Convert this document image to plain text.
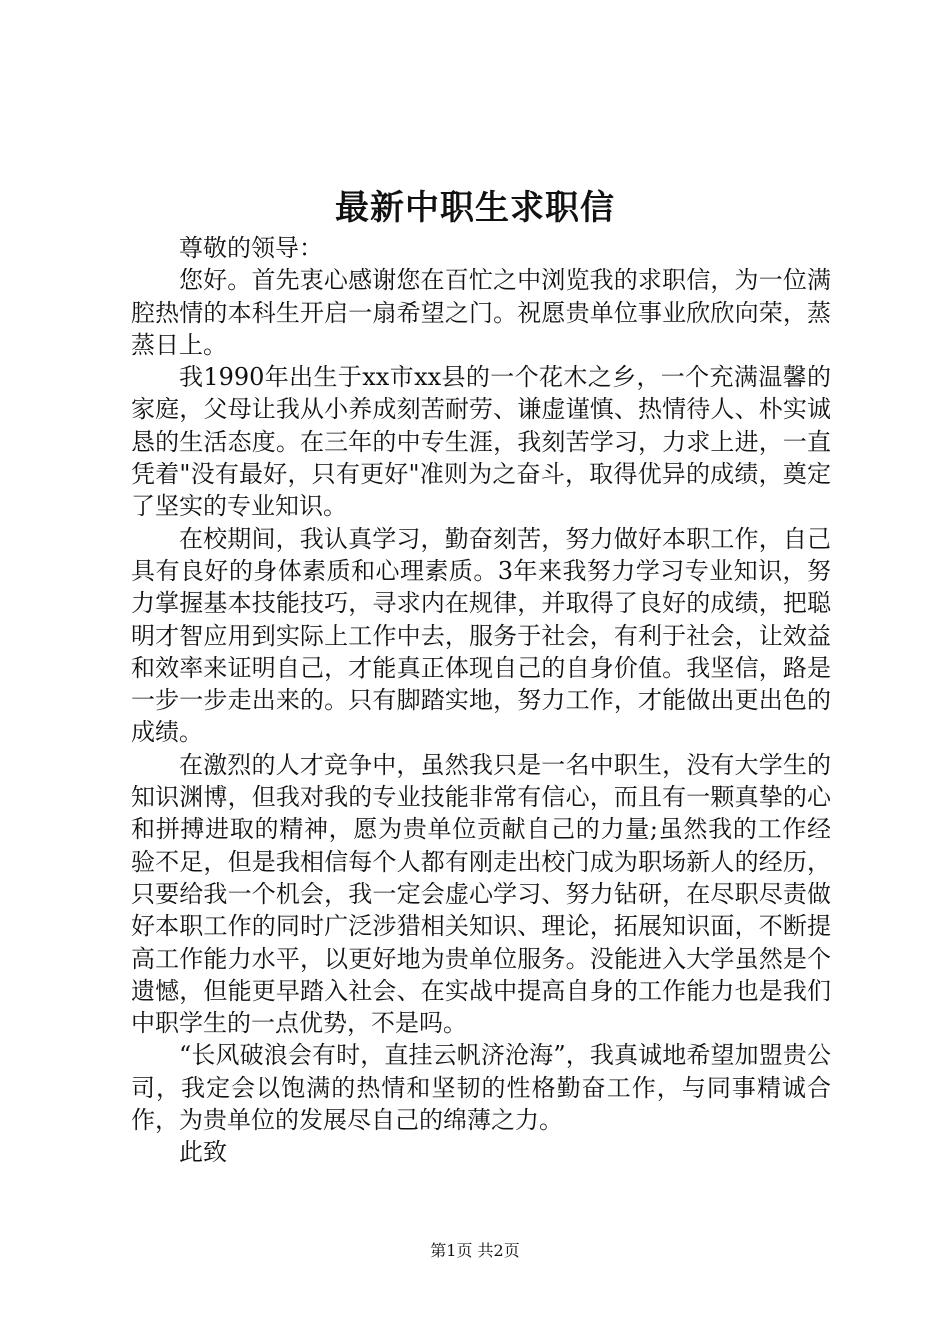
最新中职生求职信

尊敬的领导：

您好。首先衷心感谢您在百忙之中浏览我的求职信，为一位满腔热情的本科生开启一扇希望之门。祝愿贵单位事业欣欣向荣，蒸蒸日上。

我1990年出生于xx市xx县的一个花木之乡，一个充满温馨的家庭，父母让我从小养成刻苦耐劳、谦虚谨慎、热情待人、朴实诚恳的生活态度。在三年的中专生涯，我刻苦学习，力求上进，一直凭着"没有最好，只有更好"准则为之奋斗，取得优异的成绩，奠定了坚实的专业知识。

在校期间，我认真学习，勤奋刻苦，努力做好本职工作，自己具有良好的身体素质和心理素质。3年来我努力学习专业知识，努力掌握基本技能技巧，寻求内在规律，并取得了良好的成绩，把聪明才智应用到实际上工作中去，服务于社会，有利于社会，让效益和效率来证明自己，才能真正体现自己的自身价值。我坚信，路是一步一步走出来的。只有脚踏实地，努力工作，才能做出更出色的成绩。

在激烈的人才竞争中，虽然我只是一名中职生，没有大学生的知识渊博，但我对我的专业技能非常有信心，而且有一颗真挚的心和拼搏进取的精神，愿为贵单位贡献自己的力量;虽然我的工作经验不足，但是我相信每个人都有刚走出校门成为职场新人的经历，只要给我一个机会，我一定会虚心学习、努力钻研，在尽职尽责做好本职工作的同时广泛涉猎相关知识、理论，拓展知识面，不断提高工作能力水平，以更好地为贵单位服务。没能进入大学虽然是个遗憾，但能更早踏入社会、在实战中提高自身的工作能力也是我们中职学生的一点优势，不是吗。

“长风破浪会有时，直挂云帆济沧海”，我真诚地希望加盟贵公司，我定会以饱满的热情和坚韧的性格勤奋工作，与同事精诚合作，为贵单位的发展尽自己的绵薄之力。

此致

第1页 共2页
